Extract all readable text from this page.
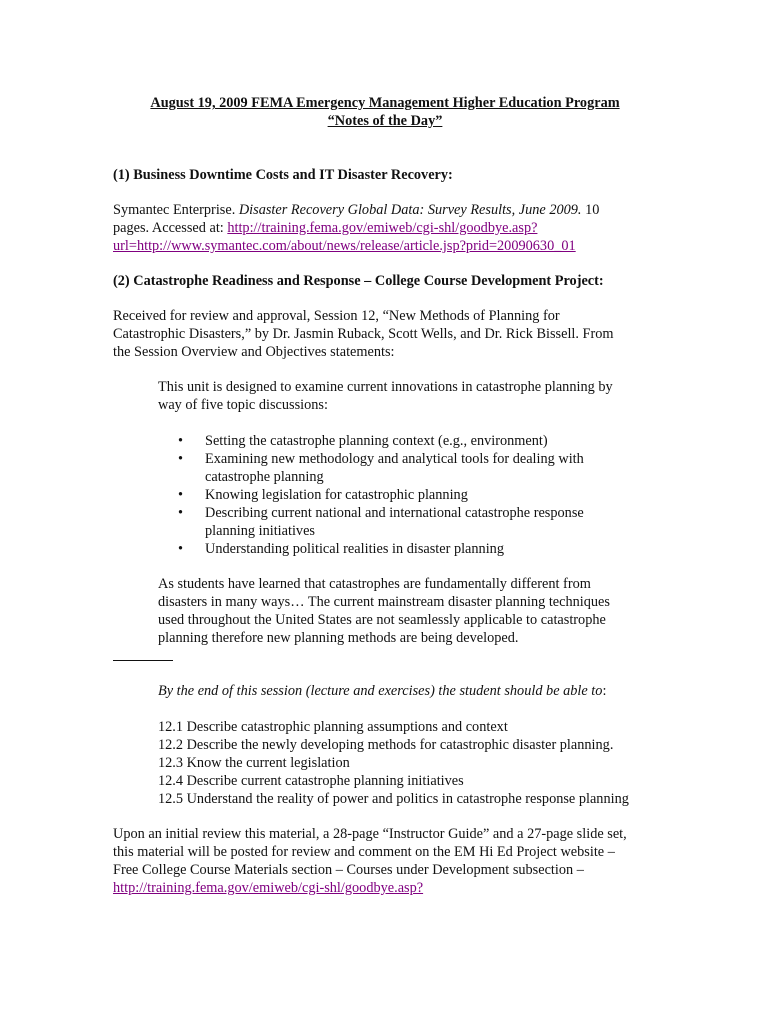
August 19, 2009 FEMA Emergency Management Higher Education Program
“Notes of the Day”
(1) Business Downtime Costs and IT Disaster Recovery:
Symantec Enterprise. Disaster Recovery Global Data: Survey Results, June 2009. 10
pages. Accessed at: http://training.fema.gov/emiweb/cgi-shl/goodbye.asp?
url=http://www.symantec.com/about/news/release/article.jsp?prid=20090630_01
(2) Catastrophe Readiness and Response – College Course Development Project:
Received for review and approval, Session 12, “New Methods of Planning for
Catastrophic Disasters,” by Dr. Jasmin Ruback, Scott Wells, and Dr. Rick Bissell. From
the Session Overview and Objectives statements:
This unit is designed to examine current innovations in catastrophe planning by
way of five topic discussions:
• Setting the catastrophe planning context (e.g., environment)
• Examining new methodology and analytical tools for dealing with
catastrophe planning
• Knowing legislation for catastrophic planning
• Describing current national and international catastrophe response
planning initiatives
• Understanding political realities in disaster planning
As students have learned that catastrophes are fundamentally different from
disasters in many ways… The current mainstream disaster planning techniques
used throughout the United States are not seamlessly applicable to catastrophe
planning therefore new planning methods are being developed.
By the end of this session (lecture and exercises) the student should be able to:
12.1 Describe catastrophic planning assumptions and context
12.2 Describe the newly developing methods for catastrophic disaster planning.
12.3 Know the current legislation
12.4 Describe current catastrophe planning initiatives
12.5 Understand the reality of power and politics in catastrophe response planning
Upon an initial review this material, a 28-page “Instructor Guide” and a 27-page slide set,
this material will be posted for review and comment on the EM Hi Ed Project website –
Free College Course Materials section – Courses under Development subsection –
http://training.fema.gov/emiweb/cgi-shl/goodbye.asp?
